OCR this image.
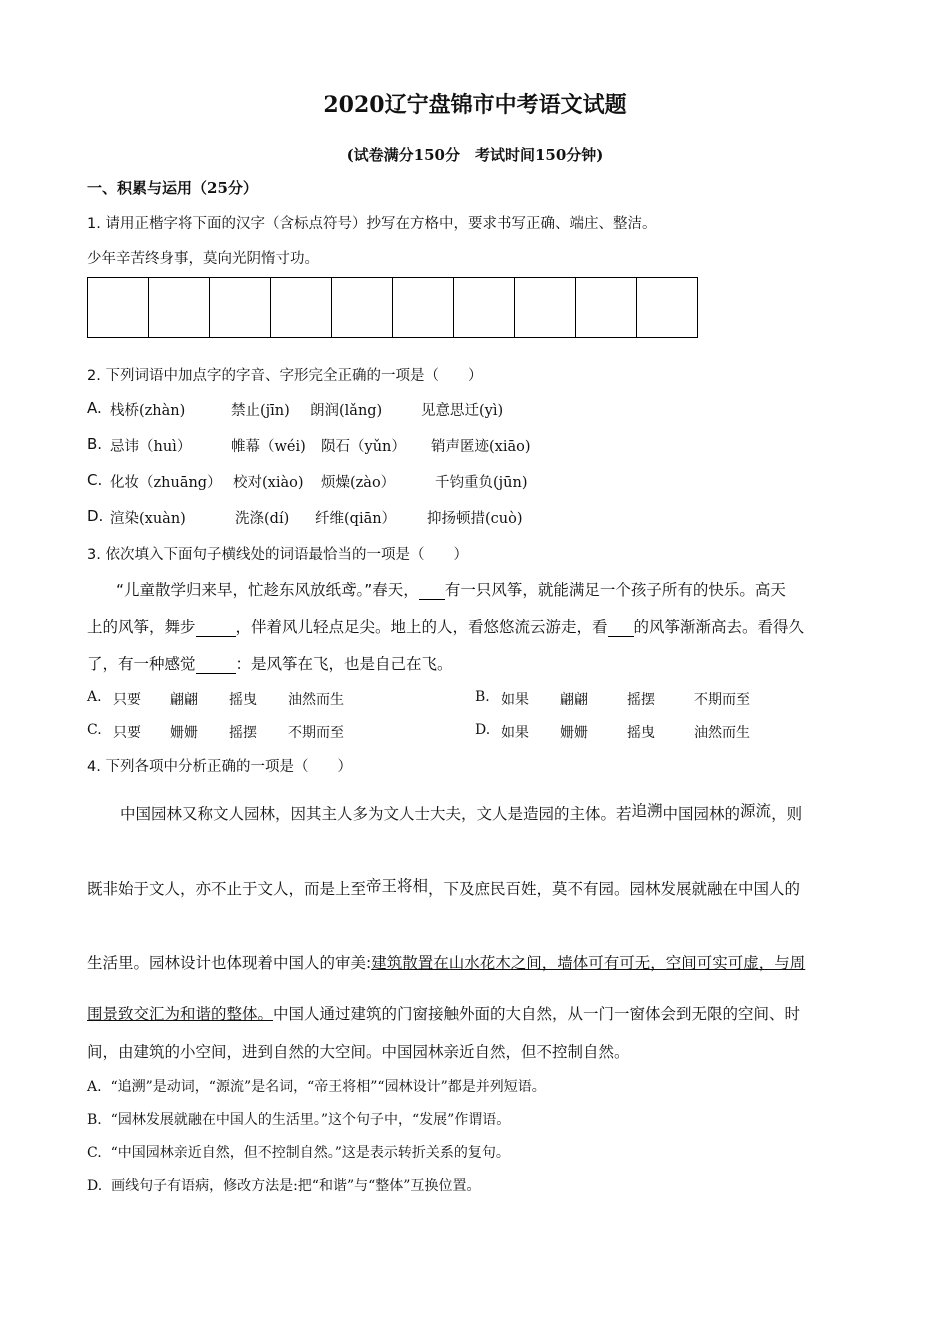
2020辽宁盘锦市中考语文试题
(试卷满分150分　考试时间150分钟)
一、积累与运用（25分）
1. 请用正楷字将下面的汉字（含标点符号）抄写在方格中，要求书写正确、端庄、整洁。
少年辛苦终身事，莫向光阴惰寸功。
2. 下列词语中加点字的字音、字形完全正确的一项是（　　）
A. 栈桥(zhàn)	禁止(jīn) 朗润(lǎng)	见意思迁(yì)
B. 忌讳（huì）	帷幕（wéi) 陨石（yǔn） 销声匿迹(xiāo)
C. 化妆（zhuāng） 校对(xiào) 烦燥(zào）	千钧重负(jūn)
D. 渲染(xuàn)	洗涤(dí) 纤维(qiān） 抑扬顿措(cuò)
3. 依次填入下面句子横线处的词语最恰当的一项是（　　）
“儿童散学归来早，忙趁东风放纸鸢。”春天， 有一只风筝，就能满足一个孩子所有的快乐。高天
上的风筝，舞步	，伴着风儿轻点足尖。地上的人，看悠悠流云游走，看 的风筝渐渐高去。看得久
了，有一种感觉	：是风筝在飞，也是自己在飞。
A. 只要 翩翩 摇曳 油然而生	B. 如果 翩翩	摇摆	不期而至
C. 只要 姗姗 摇摆 不期而至	D. 如果 姗姗	摇曳	油然而生
4. 下列各项中分析正确的一项是（　　）
中国园林又称文人园林，因其主人多为文人士大夫，文人是造园的主体。若追溯中国园林的源流，则
既非始于文人，亦不止于文人，而是上至帝王将相，下及庶民百姓，莫不有园。园林发展就融在中国人的
生活里。园林设计也体现着中国人的审美:建筑散置在山水花木之间，墙体可有可无，空间可实可虚，与周
围景致交汇为和谐的整体。中国人通过建筑的门窗接触外面的大自然，从一门一窗体会到无限的空间、时
间，由建筑的小空间，进到自然的大空间。中国园林亲近自然，但不控制自然。
A. “追溯”是动词，“源流”是名词，“帝王将相”“园林设计”都是并列短语。
B. “园林发展就融在中国人的生活里。”这个句子中，“发展”作谓语。
C. “中国园林亲近自然，但不控制自然。”这是表示转折关系的复句。
D. 画线句子有语病，修改方法是:把“和谐”与“整体”互换位置。
